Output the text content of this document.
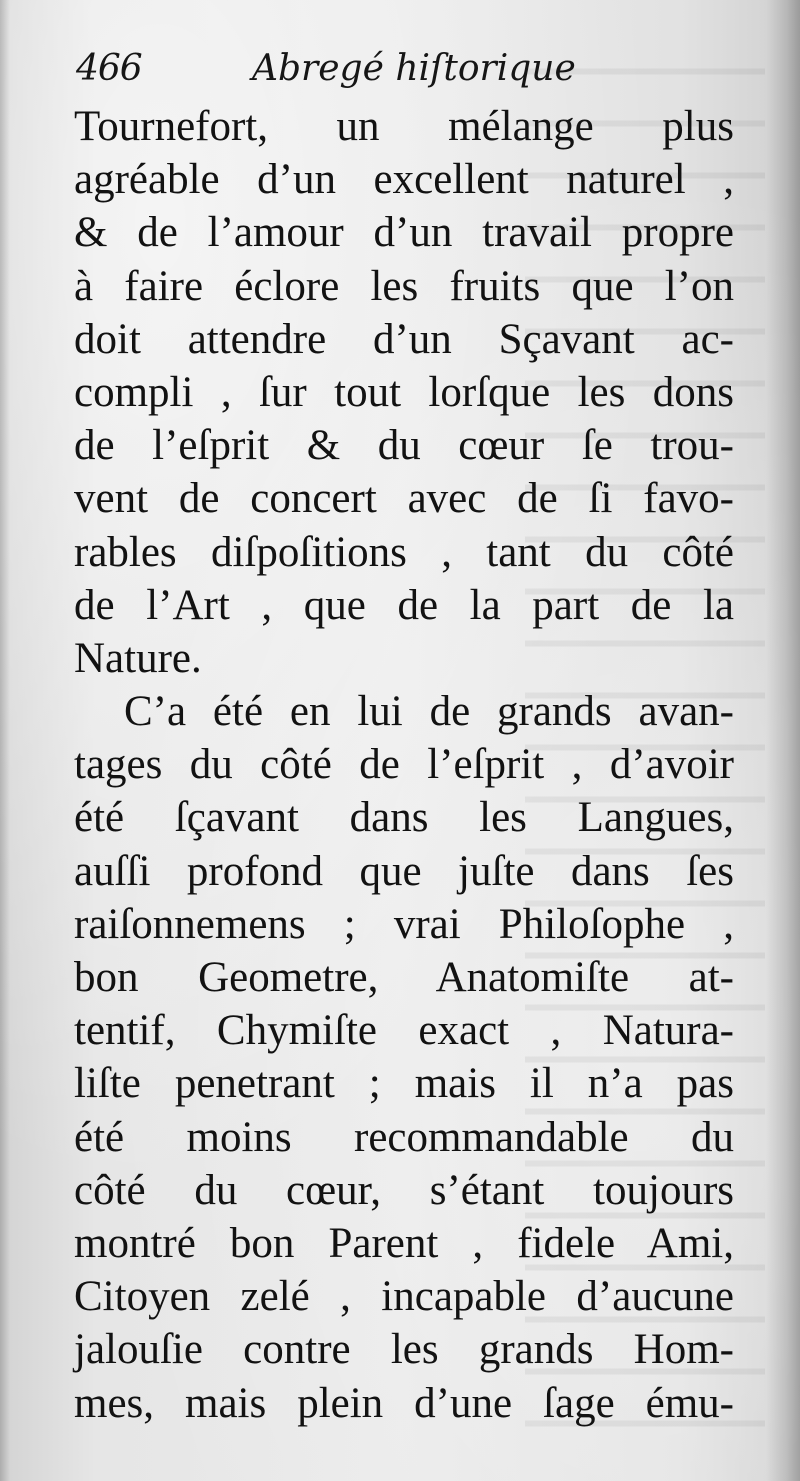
466	Abregé hiſtorique
Tournefort, un mélange plus
agréable d’un excellent naturel ,
& de l’amour d’un travail propre
à faire éclore les fruits que l’on
doit attendre d’un Sçavant ac-
compli , ſur tout lorſque les dons
de l’eſprit & du cœur ſe trou-
vent de concert avec de ſi favo-
rables diſpoſitions , tant du côté
de l’Art , que de la part de la
Nature.
C’a été en lui de grands avan-
tages du côté de l’eſprit , d’avoir
été ſçavant dans les Langues,
auſſi profond que juſte dans ſes
raiſonnemens ; vrai Philoſophe ,
bon Geometre, Anatomiſte at-
tentif, Chymiſte exact , Natura-
liſte penetrant ; mais il n’a pas
été moins recommandable du
côté du cœur, s’étant toujours
montré bon Parent , fidele Ami,
Citoyen zelé , incapable d’aucune
jalouſie contre les grands Hom-
mes, mais plein d’une ſage ému-
